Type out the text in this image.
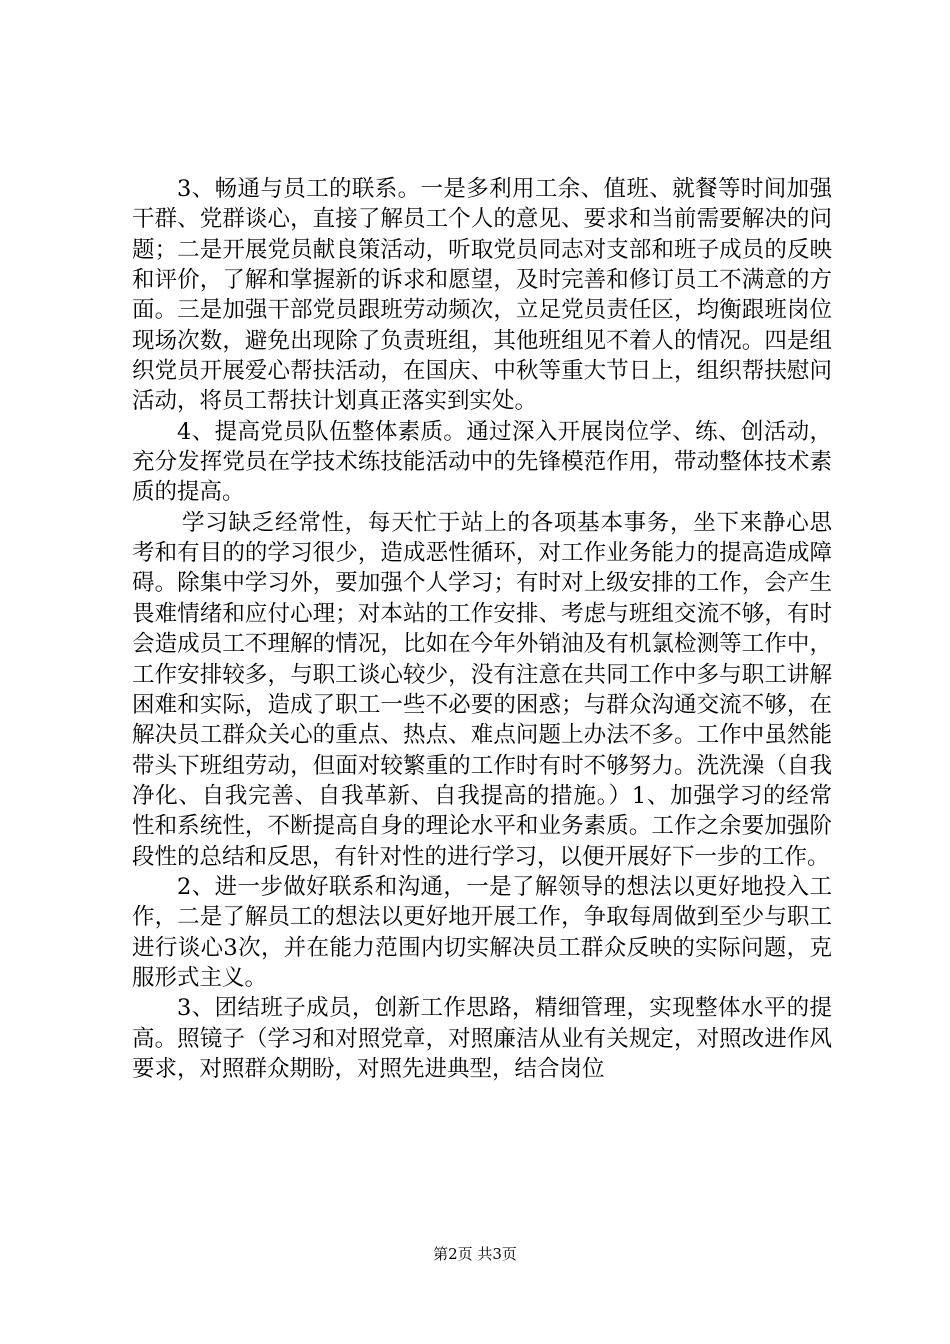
3、畅通与员工的联系。一是多利用工余、值班、就餐等时间加强干群、党群谈心，直接了解员工个人的意见、要求和当前需要解决的问题；二是开展党员献良策活动，听取党员同志对支部和班子成员的反映和评价，了解和掌握新的诉求和愿望，及时完善和修订员工不满意的方面。三是加强干部党员跟班劳动频次，立足党员责任区，均衡跟班岗位现场次数，避免出现除了负责班组，其他班组见不着人的情况。四是组织党员开展爱心帮扶活动，在国庆、中秋等重大节日上，组织帮扶慰问活动，将员工帮扶计划真正落实到实处。

4、提高党员队伍整体素质。通过深入开展岗位学、练、创活动，充分发挥党员在学技术练技能活动中的先锋模范作用，带动整体技术素质的提高。

学习缺乏经常性，每天忙于站上的各项基本事务，坐下来静心思考和有目的的学习很少，造成恶性循环，对工作业务能力的提高造成障碍。除集中学习外，要加强个人学习；有时对上级安排的工作，会产生畏难情绪和应付心理；对本站的工作安排、考虑与班组交流不够，有时会造成员工不理解的情况，比如在今年外销油及有机氯检测等工作中，工作安排较多，与职工谈心较少，没有注意在共同工作中多与职工讲解困难和实际，造成了职工一些不必要的困惑；与群众沟通交流不够，在解决员工群众关心的重点、热点、难点问题上办法不多。工作中虽然能带头下班组劳动，但面对较繁重的工作时有时不够努力。洗洗澡（自我净化、自我完善、自我革新、自我提高的措施。）1、加强学习的经常性和系统性，不断提高自身的理论水平和业务素质。工作之余要加强阶段性的总结和反思，有针对性的进行学习，以便开展好下一步的工作。

2、进一步做好联系和沟通，一是了解领导的想法以更好地投入工作，二是了解员工的想法以更好地开展工作，争取每周做到至少与职工进行谈心3次，并在能力范围内切实解决员工群众反映的实际问题，克服形式主义。

3、团结班子成员，创新工作思路，精细管理，实现整体水平的提高。照镜子（学习和对照党章，对照廉洁从业有关规定，对照改进作风要求，对照群众期盼，对照先进典型，结合岗位

第2页 共3页
